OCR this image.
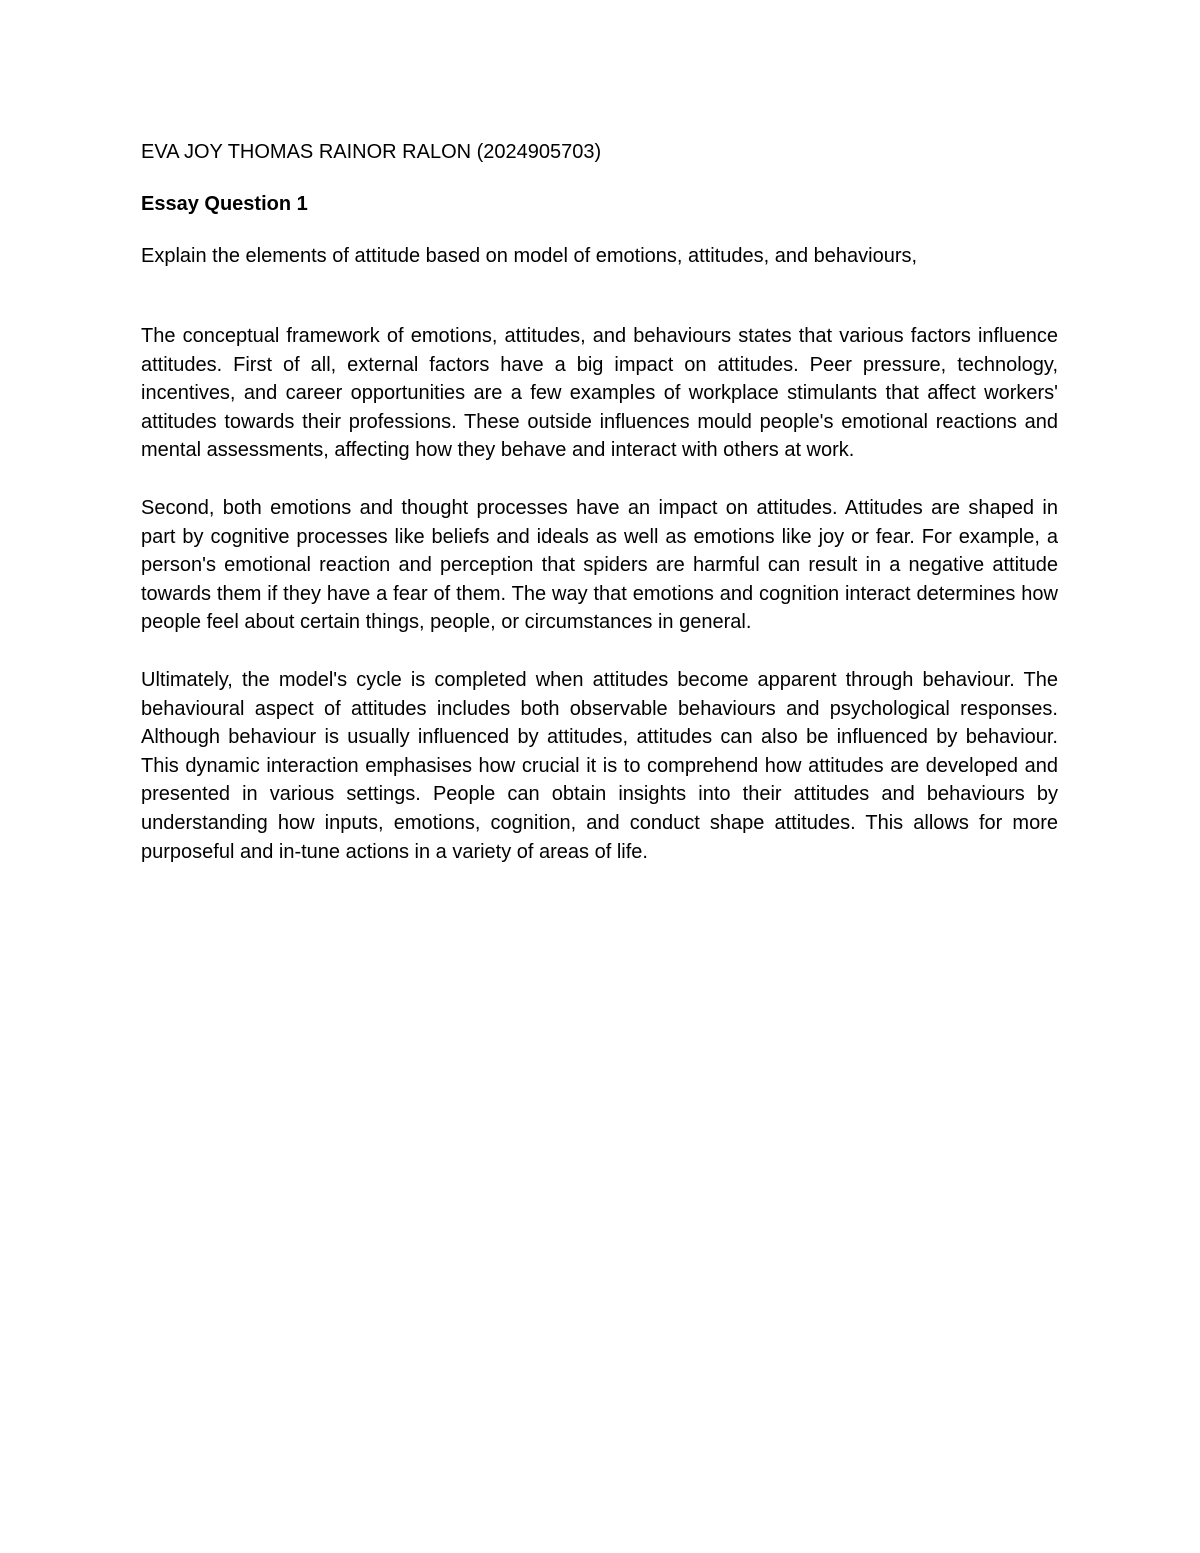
EVA JOY THOMAS RAINOR RALON (2024905703)

Essay Question 1

Explain the elements of attitude based on model of emotions, attitudes, and behaviours,

The conceptual framework of emotions, attitudes, and behaviours states that various factors influence attitudes. First of all, external factors have a big impact on attitudes. Peer pressure, technology, incentives, and career opportunities are a few examples of workplace stimulants that affect workers' attitudes towards their professions. These outside influences mould people's emotional reactions and mental assessments, affecting how they behave and interact with others at work.

Second, both emotions and thought processes have an impact on attitudes. Attitudes are shaped in part by cognitive processes like beliefs and ideals as well as emotions like joy or fear. For example, a person's emotional reaction and perception that spiders are harmful can result in a negative attitude towards them if they have a fear of them. The way that emotions and cognition interact determines how people feel about certain things, people, or circumstances in general.

Ultimately, the model's cycle is completed when attitudes become apparent through behaviour. The behavioural aspect of attitudes includes both observable behaviours and psychological responses. Although behaviour is usually influenced by attitudes, attitudes can also be influenced by behaviour. This dynamic interaction emphasises how crucial it is to comprehend how attitudes are developed and presented in various settings. People can obtain insights into their attitudes and behaviours by understanding how inputs, emotions, cognition, and conduct shape attitudes. This allows for more purposeful and in-tune actions in a variety of areas of life.
